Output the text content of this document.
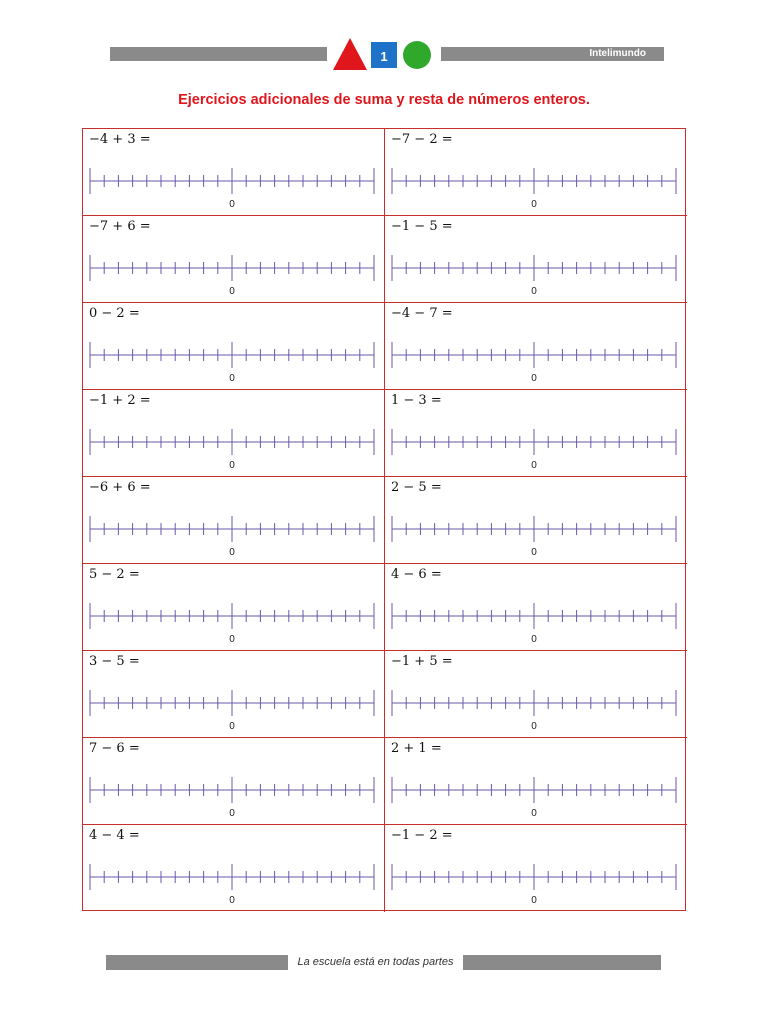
1	Intelimundo
Ejercicios adicionales de suma y resta de números enteros.
−4 + 3 =
0
−7 − 2 =
0
−7 + 6 =
0
−1 − 5 =
0
0 − 2 =
0
−4 − 7 =
0
−1 + 2 =
0
1 − 3 =
0
−6 + 6 =
0
2 − 5 =
0
5 − 2 =
0
4 − 6 =
0
3 − 5 =
0
−1 + 5 =
0
7 − 6 =
0
2 + 1 =
0
4 − 4 =
0
−1 − 2 =
0
La escuela está en todas partes
